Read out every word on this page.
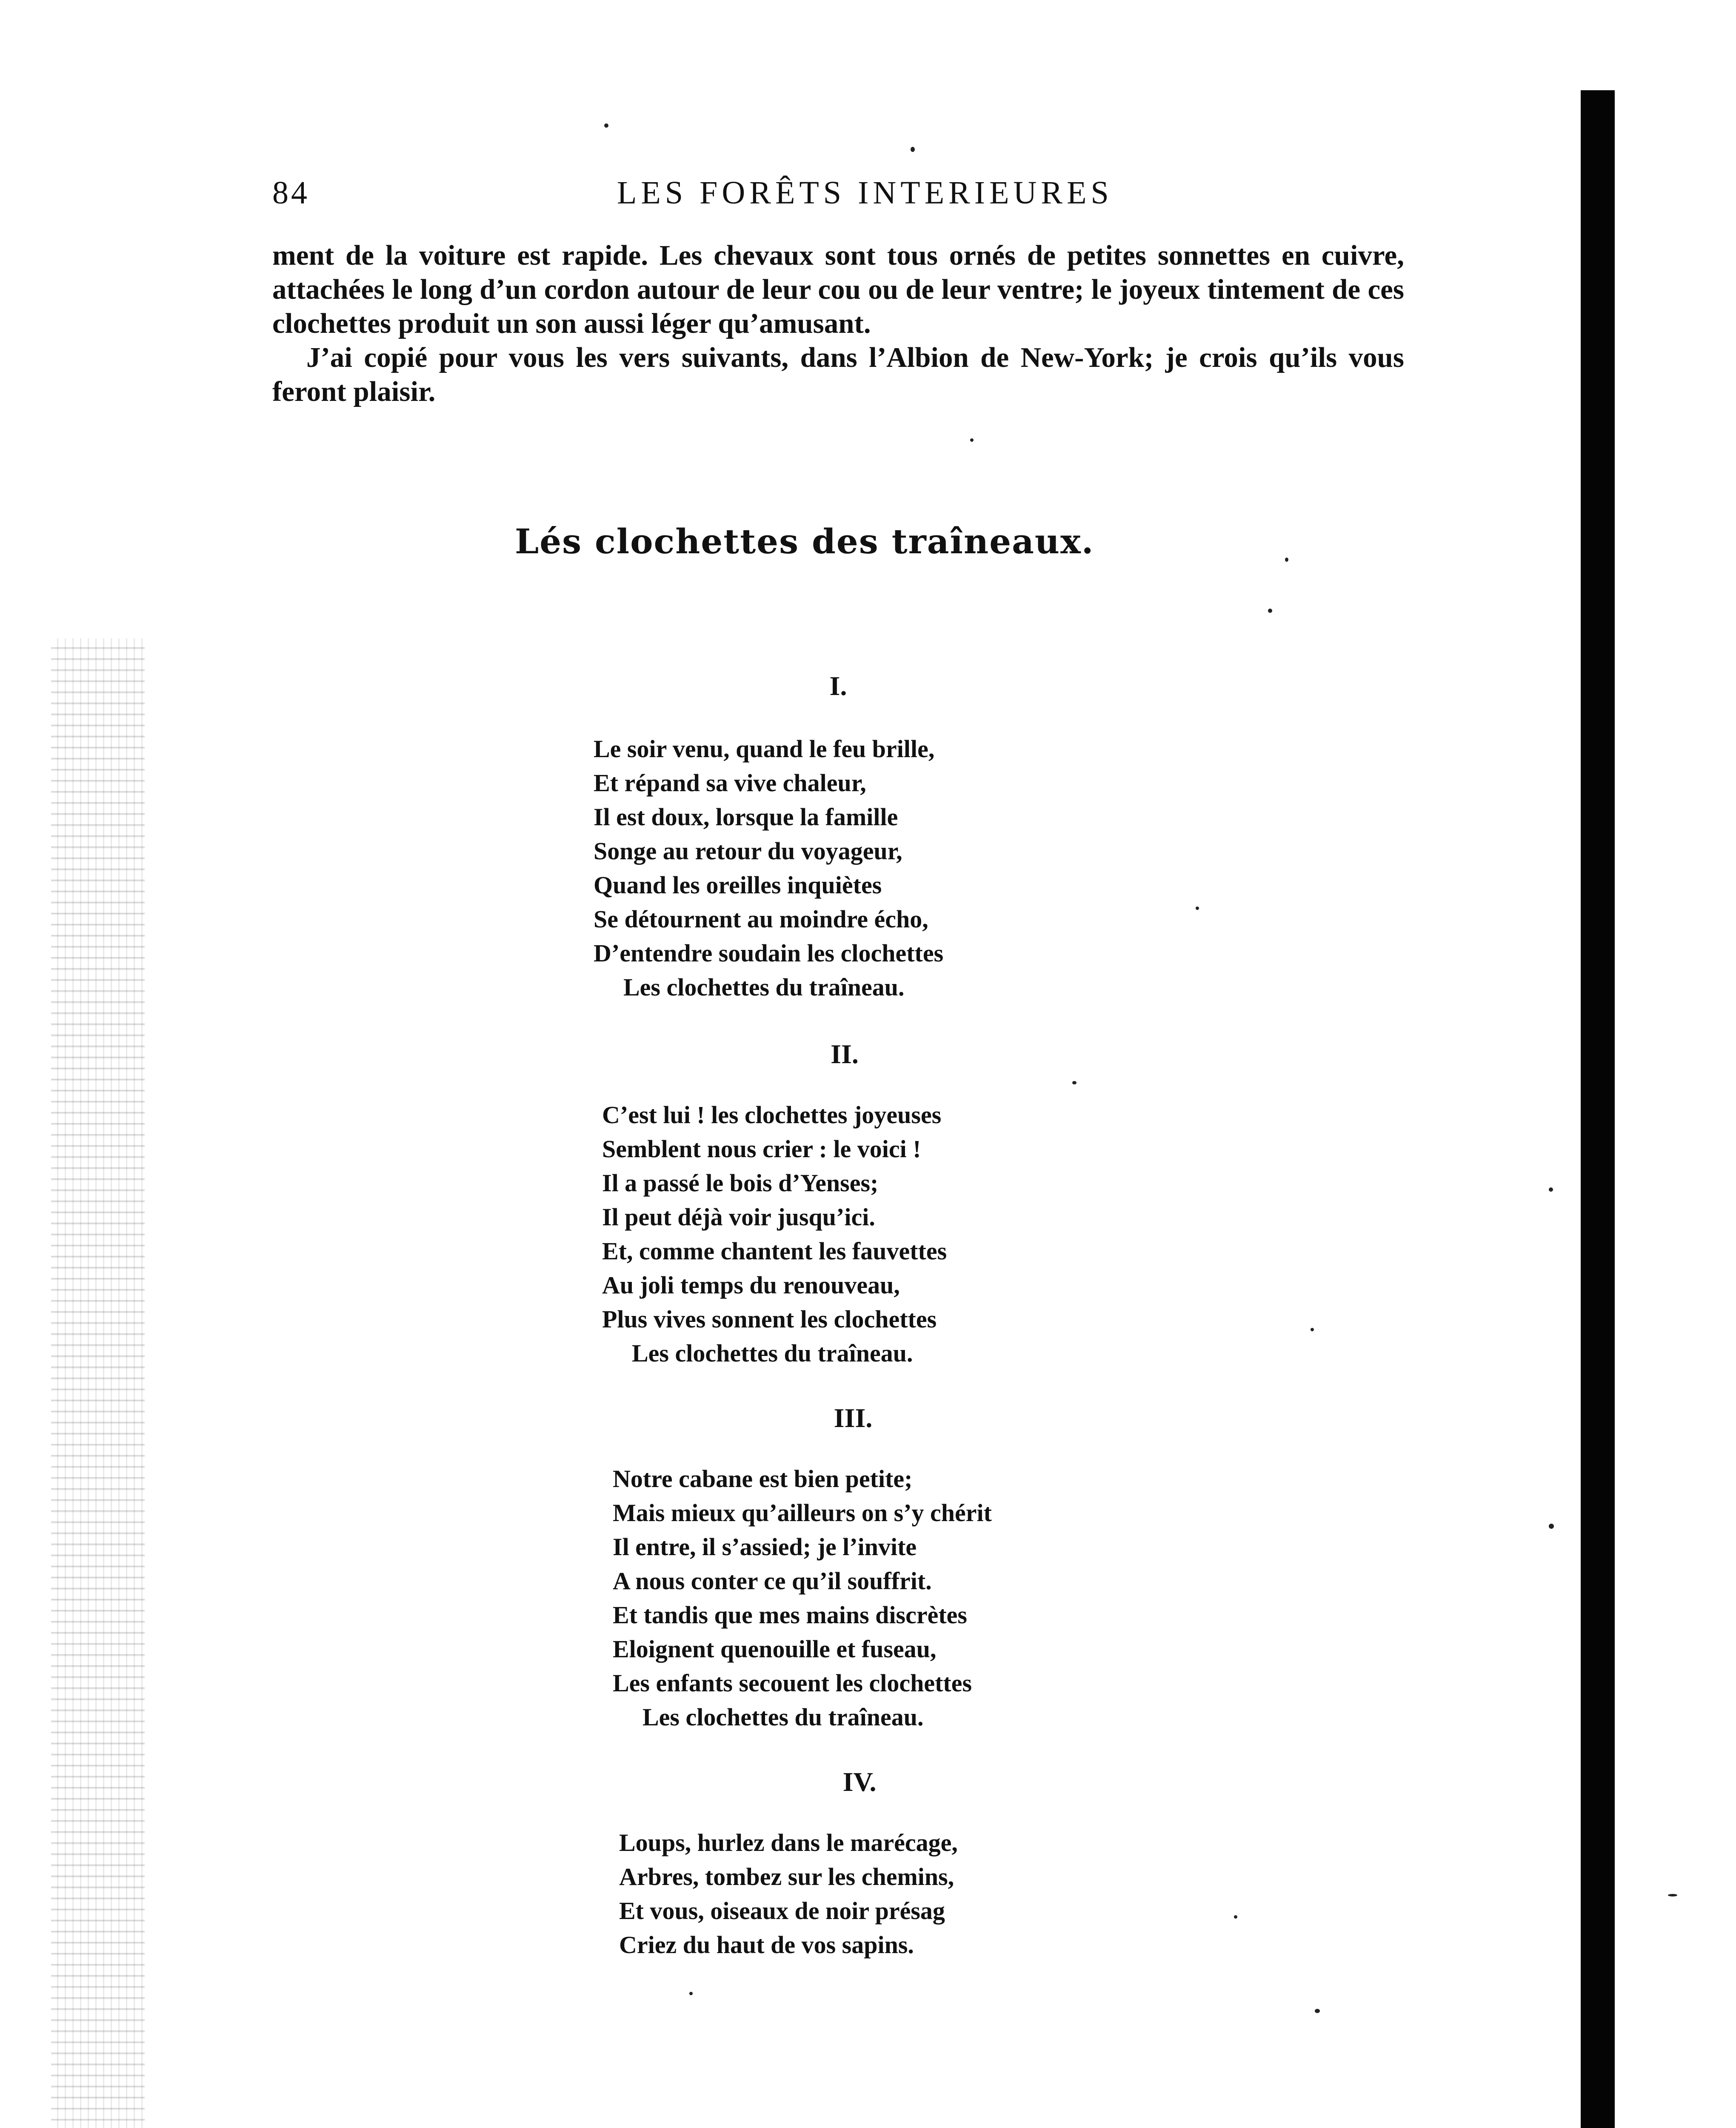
84	LES FORÊTS INTERIEURES

ment de la voiture est rapide. Les chevaux sont tous ornés de petites sonnettes en cuivre, attachées le long d’un cordon autour de leur cou ou de leur ventre; le joyeux tintement de ces clochettes produit un son aussi léger qu’amusant.

J’ai copié pour vous les vers suivants, dans l’Albion de New-York; je crois qu’ils vous feront plaisir.

Lés clochettes des traîneaux.
I.
Le soir venu, quand le feu brille,
Et répand sa vive chaleur,
Il est doux, lorsque la famille
Songe au retour du voyageur,
Quand les oreilles inquiètes
Se détournent au moindre écho,
D’entendre soudain les clochettes
Les clochettes du traîneau.
II.
C’est lui ! les clochettes joyeuses
Semblent nous crier : le voici !
Il a passé le bois d’Yenses;
Il peut déjà voir jusqu’ici.
Et, comme chantent les fauvettes
Au joli temps du renouveau,
Plus vives sonnent les clochettes
Les clochettes du traîneau.
III.
Notre cabane est bien petite;
Mais mieux qu’ailleurs on s’y chérit
Il entre, il s’assied; je l’invite
A nous conter ce qu’il souffrit.
Et tandis que mes mains discrètes
Eloignent quenouille et fuseau,
Les enfants secouent les clochettes
Les clochettes du traîneau.
IV.
Loups, hurlez dans le marécage,
Arbres, tombez sur les chemins,
Et vous, oiseaux de noir présag
Criez du haut de vos sapins.
